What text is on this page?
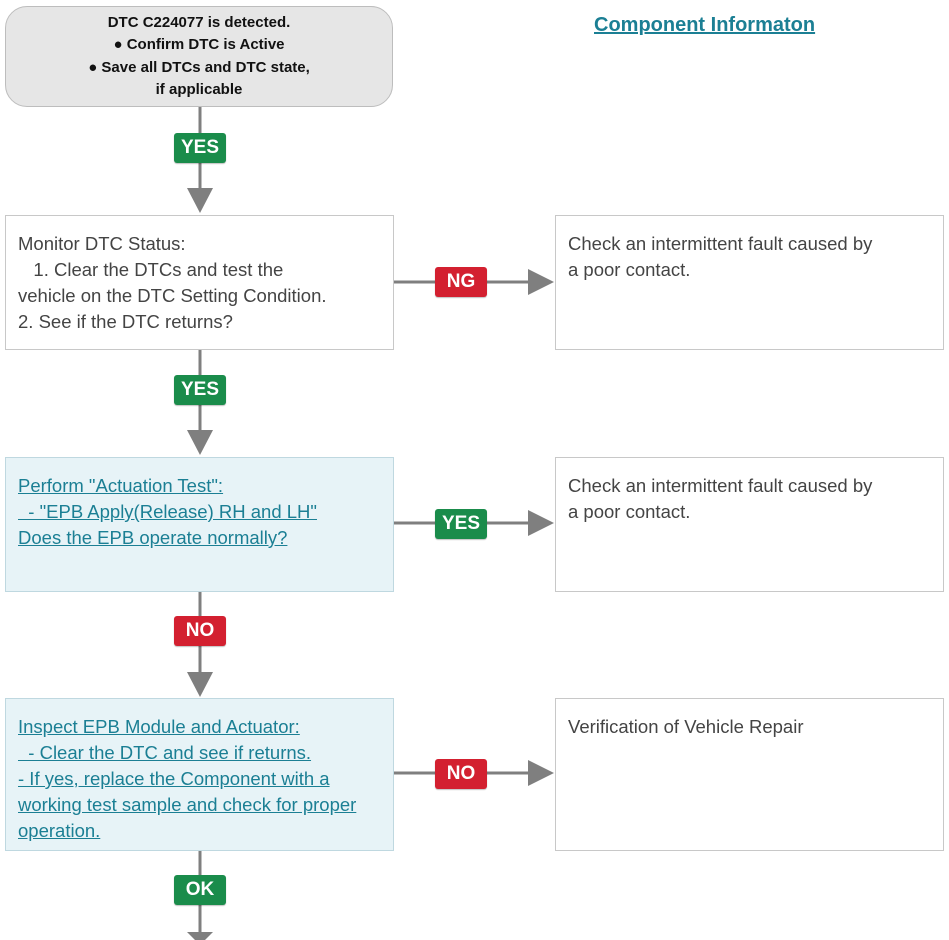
DTC C224077 is detected.
● Confirm DTC is Active
● Save all DTCs and DTC state,
if applicable
Component Informaton
Monitor DTC Status:
1. Clear the DTCs and test the
vehicle on the DTC Setting Condition.
2. See if the DTC returns?
Perform "Actuation Test":
- "EPB Apply(Release) RH and LH"
Does the EPB operate normally?
Inspect EPB Module and Actuator:
- Clear the DTC and see if returns.
- If yes, replace the Component with a
working test sample and check for proper
operation.
Check an intermittent fault caused by
a poor contact.
Check an intermittent fault caused by
a poor contact.
Verification of Vehicle Repair
YES
NG
YES
YES
NO
NO
OK
